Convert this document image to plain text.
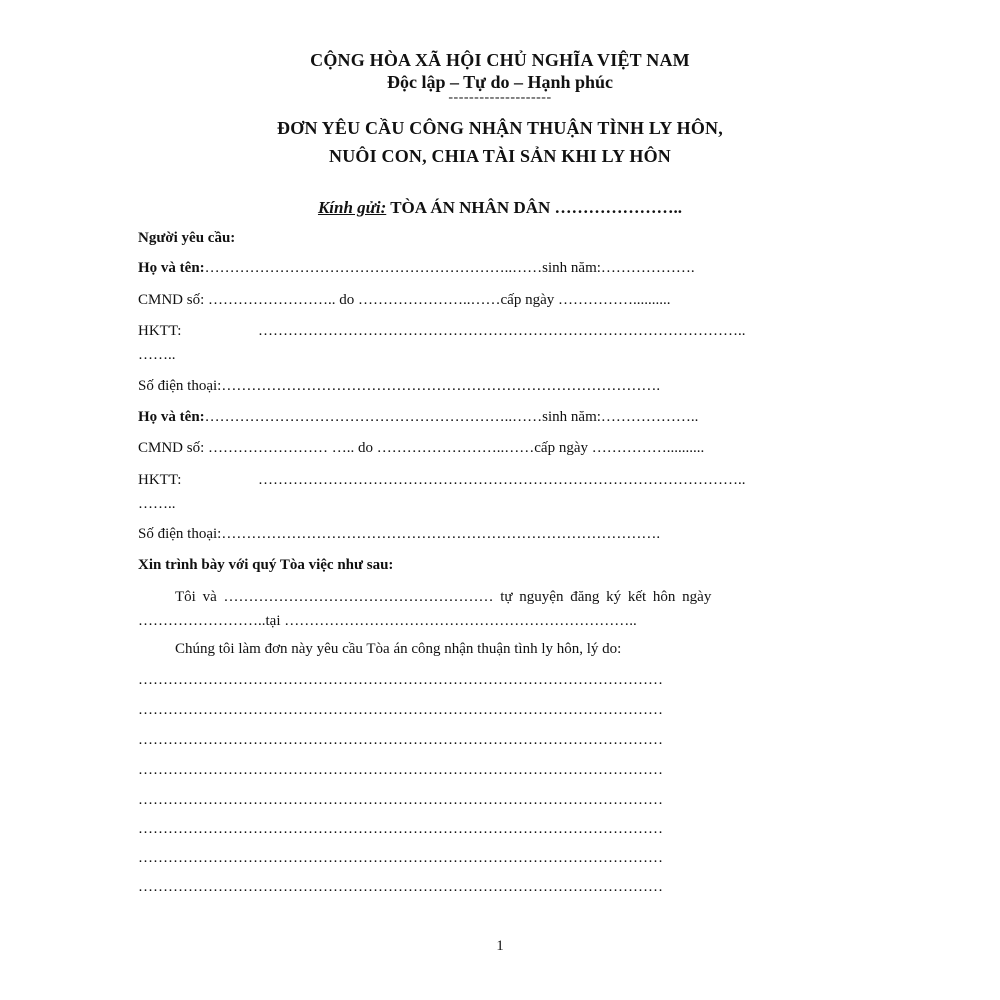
CỘNG HÒA XÃ HỘI CHỦ NGHĨA VIỆT NAM
Độc lập – Tự do – Hạnh phúc
--------------------
ĐƠN YÊU CẦU CÔNG NHẬN THUẬN TÌNH LY HÔN,
NUÔI CON, CHIA TÀI SẢN KHI LY HÔN
Kính gửi: TÒA ÁN NHÂN DÂN …………………..
Người yêu cầu:
Họ và tên:……………………………………………………..……sinh năm:……………….
CMND số: …………………….. do …………………..……cấp ngày ……………..........
HKTT:	……………………………………………………………………………………..
……..
Số điện thoại:…………………………………………………………………………….
Họ và tên:……………………………………………………..……sinh năm:………………..
CMND số: …………………… ….. do ……………………..……cấp ngày ……………..........
HKTT:	……………………………………………………………………………………..
……..
Số điện thoại:…………………………………………………………………………….
Xin trình bày với quý Tòa việc như sau:
Tôi và ……………………………………………… tự nguyện đăng ký kết hôn ngày
……………………..tại ……………………………………………………………..
Chúng tôi làm đơn này yêu cầu Tòa án công nhận thuận tình ly hôn, lý do:
……………………………………………………………………………………………
……………………………………………………………………………………………
……………………………………………………………………………………………
……………………………………………………………………………………………
……………………………………………………………………………………………
……………………………………………………………………………………………
……………………………………………………………………………………………
……………………………………………………………………………………………
1
